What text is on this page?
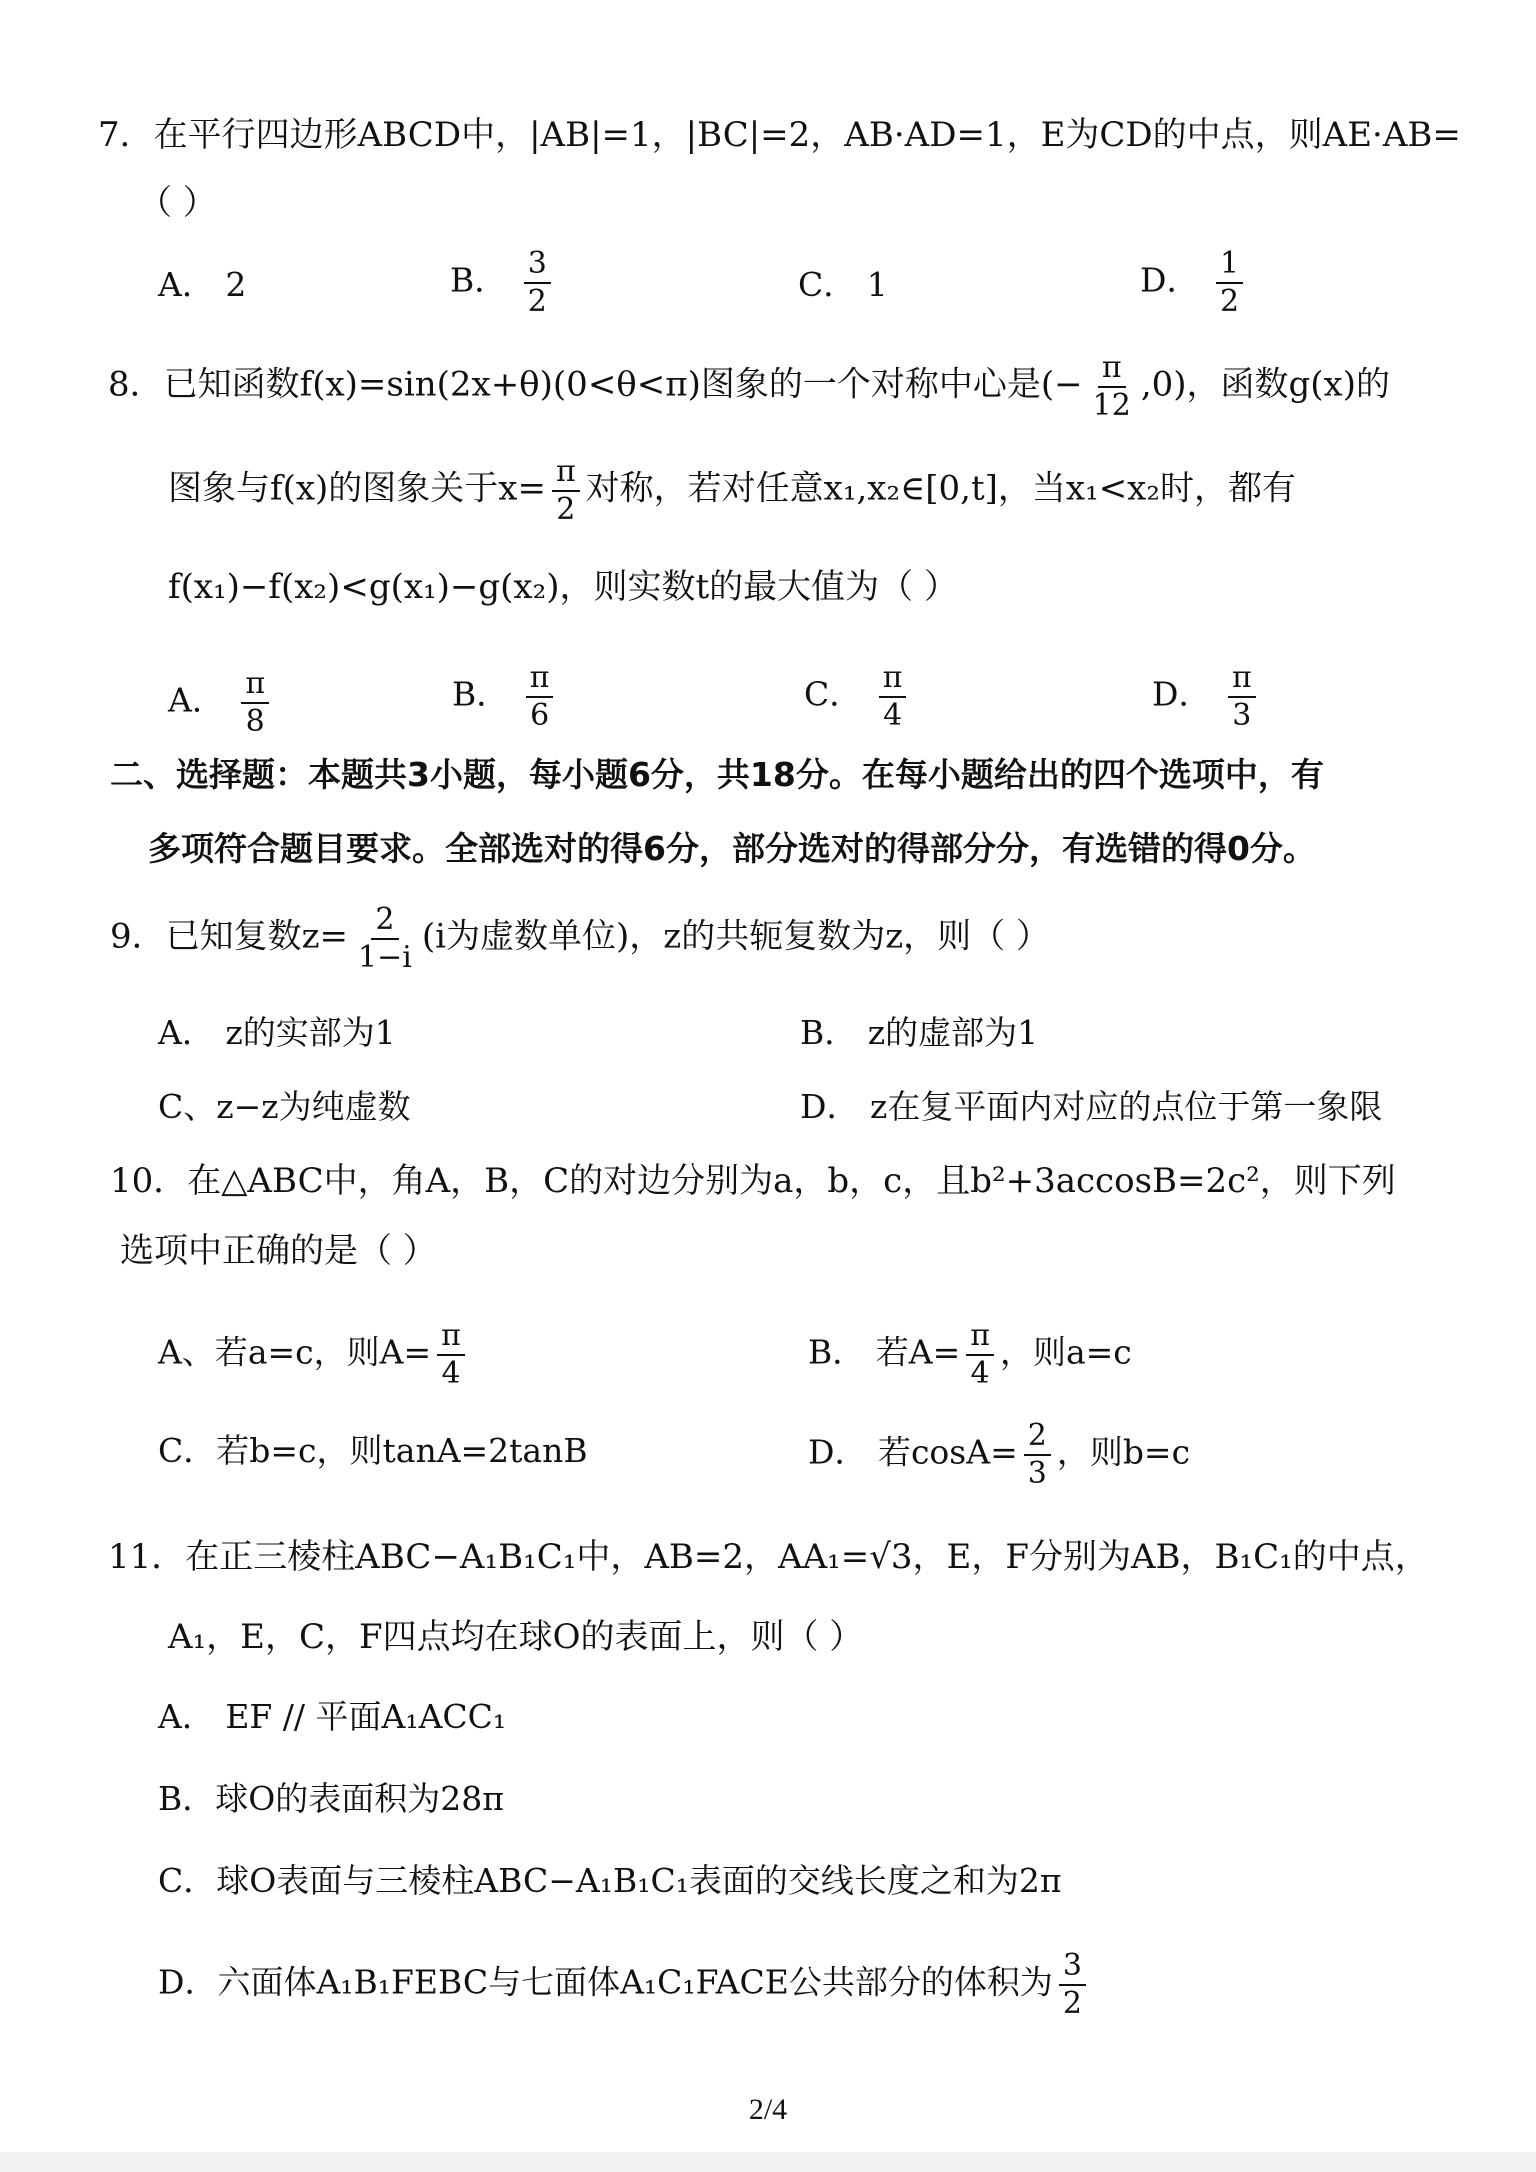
7．在平行四边形ABCD中，|AB|=1，|BC|=2，AB·AD=1，E为CD的中点，则AE·AB=
（ ）
A． 2	B． $\frac{3}{2}$	C． 1	D． $\frac{1}{2}$
8．已知函数f(x)=sin(2x+θ)(0<θ<π)图象的一个对称中心是(− $\frac{\pi}{12} ,0$)，函数g(x)的
图象与f(x)的图象关于$x= \frac{\pi}{2}$ 对称，若对任意x₁,x₂∈[0,t]，当x₁<x₂时，都有
f(x₁)−f(x₂)<g(x₁)−g(x₂)，则实数t的最大值为（ ）
A． $\frac{\pi}{8}$	B． $\frac{\pi}{6}$	C． $\frac{\pi}{4}$	D． $\frac{\pi}{3}$
二、选择题：本题共3小题，每小题6分，共18分。在每小题给出的四个选项中，有
多项符合题目要求。全部选对的得6分，部分选对的得部分分，有选错的得0分。
9．已知复数$z= \frac{2}{1-i} (i$为虚数单位)，z的共轭复数为z，则（ ）
A． z的实部为1	B． z的虚部为1
C、z−z为纯虚数	D． z在复平面内对应的点位于第一象限
10．在△ABC中，角A，B，C的对边分别为a，b，c，且b²+3accosB=2c²，则下列
选项中正确的是（ ）
A、若a=c，则$A= \frac{\pi}{4}$	B． 若$A= \frac{\pi}{4}$ ，则a=c
C．若b=c，则tanA=2tanB	D． 若$\cos A= \frac{2}{3}$ ，则b=c
11．在正三棱柱ABC−A₁B₁C₁中，AB=2，AA₁=√3，E，F分别为AB，B₁C₁的中点，
A₁，E，C，F四点均在球O的表面上，则（ ）
A． EF // 平面A₁ACC₁
B．球O的表面积为28π
C．球O表面与三棱柱ABC−A₁B₁C₁表面的交线长度之和为2π
D．六面体A₁B₁FEBC与七面体A₁C₁FACE公共部分的体积为 $\frac{3}{2}$
2/4
